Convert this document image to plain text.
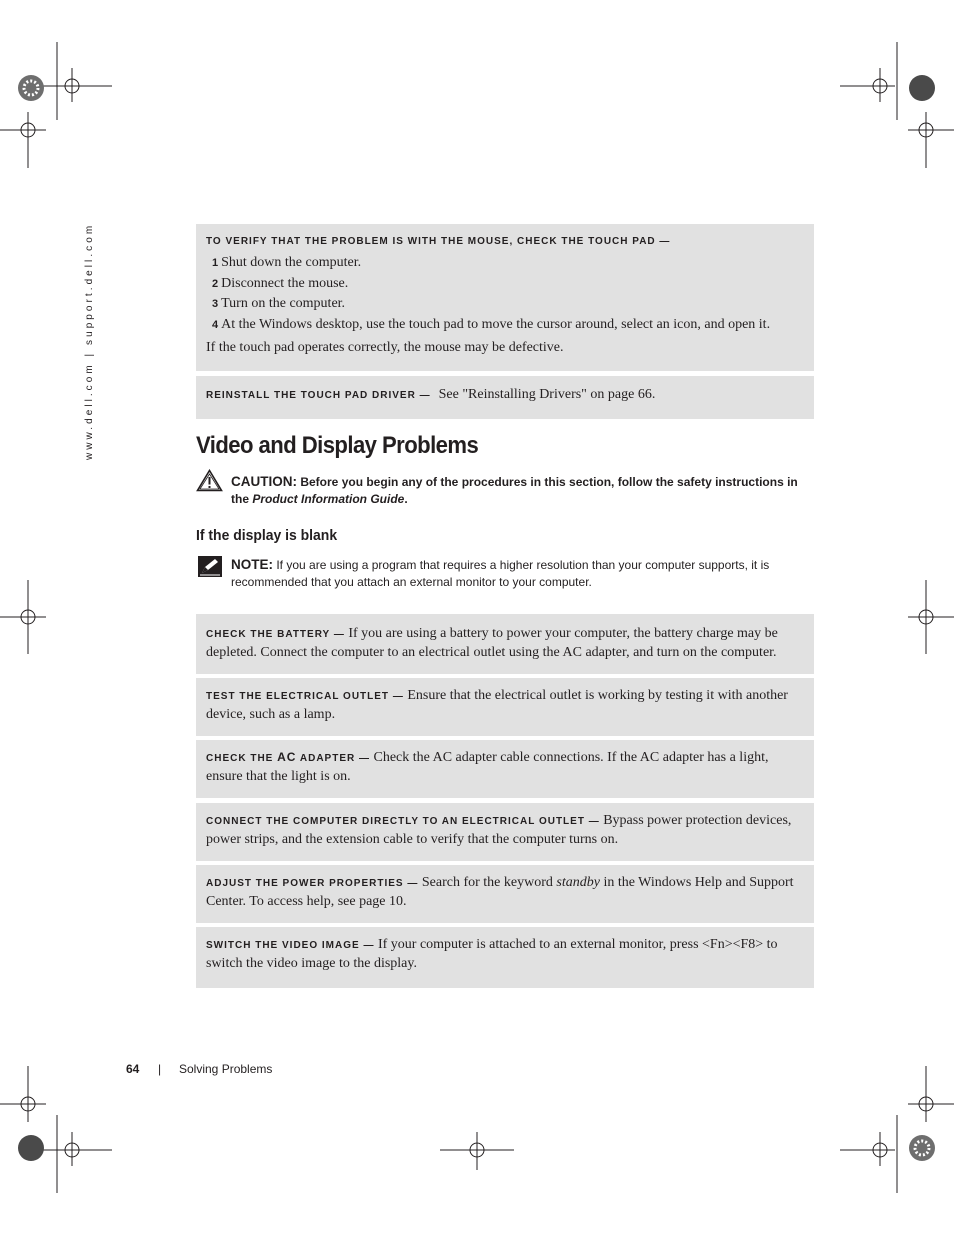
www.dell.com | support.dell.com	TO VERIFY THAT THE PROBLEM IS WITH THE MOUSE, CHECK THE TOUCH PAD —
1 Shut down the computer.
2 Disconnect the mouse.
3 Turn on the computer.
4 At the Windows desktop, use the touch pad to move the cursor around, select an icon, and open it.
If the touch pad operates correctly, the mouse may be defective.
REINSTALL THE TOUCH PAD DRIVER — See "Reinstalling Drivers" on page 66.
Video and Display Problems
CAUTION: Before you begin any of the procedures in this section, follow the safety instructions in the Product Information Guide.
If the display is blank
NOTE: If you are using a program that requires a higher resolution than your computer supports, it is recommended that you attach an external monitor to your computer.
CHECK THE BATTERY — If you are using a battery to power your computer, the battery charge may be depleted. Connect the computer to an electrical outlet using the AC adapter, and turn on the computer.
TEST THE ELECTRICAL OUTLET — Ensure that the electrical outlet is working by testing it with another device, such as a lamp.
CHECK THE AC ADAPTER — Check the AC adapter cable connections. If the AC adapter has a light, ensure that the light is on.
CONNECT THE COMPUTER DIRECTLY TO AN ELECTRICAL OUTLET — Bypass power protection devices, power strips, and the extension cable to verify that the computer turns on.
ADJUST THE POWER PROPERTIES — Search for the keyword standby in the Windows Help and Support Center. To access help, see page 10.
SWITCH THE VIDEO IMAGE — If your computer is attached to an external monitor, press <Fn><F8> to switch the video image to the display.
64 | Solving Problems
